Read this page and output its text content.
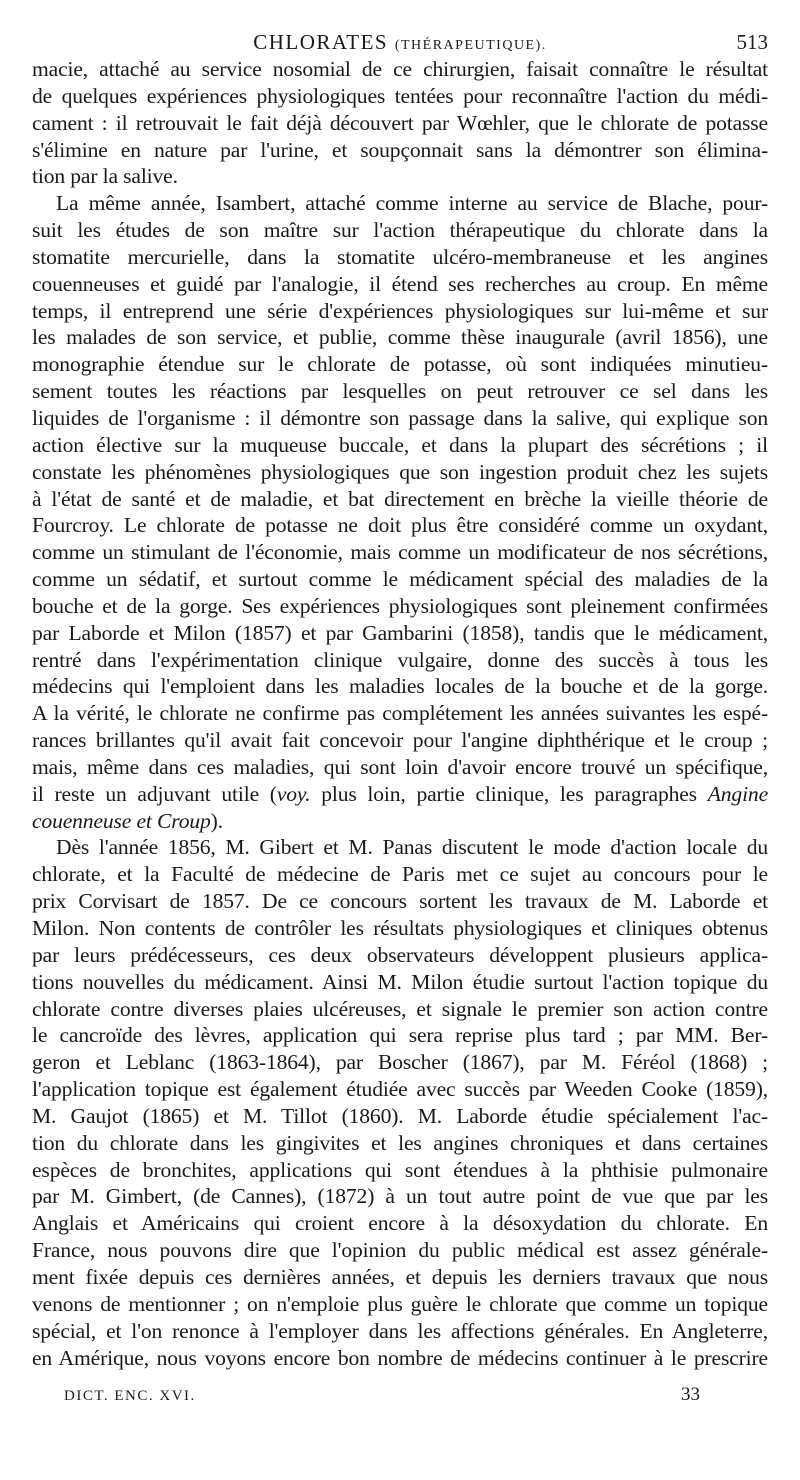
CHLORATES (THÉRAPEUTIQUE).	513

macie, attaché au service nosomial de ce chirurgien, faisait connaître le résultat

de quelques expériences physiologiques tentées pour reconnaître l'action du médi-

cament : il retrouvait le fait déjà découvert par Wœhler, que le chlorate de potasse

s'élimine en nature par l'urine, et soupçonnait sans la démontrer son élimina-

tion par la salive.

La même année, Isambert, attaché comme interne au service de Blache, pour-

suit les études de son maître sur l'action thérapeutique du chlorate dans la

stomatite mercurielle, dans la stomatite ulcéro-membraneuse et les angines

couenneuses et guidé par l'analogie, il étend ses recherches au croup. En même

temps, il entreprend une série d'expériences physiologiques sur lui-même et sur

les malades de son service, et publie, comme thèse inaugurale (avril 1856), une

monographie étendue sur le chlorate de potasse, où sont indiquées minutieu-

sement toutes les réactions par lesquelles on peut retrouver ce sel dans les

liquides de l'organisme : il démontre son passage dans la salive, qui explique son

action élective sur la muqueuse buccale, et dans la plupart des sécrétions ; il

constate les phénomènes physiologiques que son ingestion produit chez les sujets

à l'état de santé et de maladie, et bat directement en brèche la vieille théorie de

Fourcroy. Le chlorate de potasse ne doit plus être considéré comme un oxydant,

comme un stimulant de l'économie, mais comme un modificateur de nos sécrétions,

comme un sédatif, et surtout comme le médicament spécial des maladies de la

bouche et de la gorge. Ses expériences physiologiques sont pleinement confirmées

par Laborde et Milon (1857) et par Gambarini (1858), tandis que le médicament,

rentré dans l'expérimentation clinique vulgaire, donne des succès à tous les

médecins qui l'emploient dans les maladies locales de la bouche et de la gorge.

A la vérité, le chlorate ne confirme pas complétement les années suivantes les espé-

rances brillantes qu'il avait fait concevoir pour l'angine diphthérique et le croup ;

mais, même dans ces maladies, qui sont loin d'avoir encore trouvé un spécifique,

il reste un adjuvant utile (voy. plus loin, partie clinique, les paragraphes Angine

couenneuse et Croup).

Dès l'année 1856, M. Gibert et M. Panas discutent le mode d'action locale du

chlorate, et la Faculté de médecine de Paris met ce sujet au concours pour le

prix Corvisart de 1857. De ce concours sortent les travaux de M. Laborde et

Milon. Non contents de contrôler les résultats physiologiques et cliniques obtenus

par leurs prédécesseurs, ces deux observateurs développent plusieurs applica-

tions nouvelles du médicament. Ainsi M. Milon étudie surtout l'action topique du

chlorate contre diverses plaies ulcéreuses, et signale le premier son action contre

le cancroïde des lèvres, application qui sera reprise plus tard ; par MM. Ber-

geron et Leblanc (1863-1864), par Boscher (1867), par M. Féréol (1868) ;

l'application topique est également étudiée avec succès par Weeden Cooke (1859),

M. Gaujot (1865) et M. Tillot (1860). M. Laborde étudie spécialement l'ac-

tion du chlorate dans les gingivites et les angines chroniques et dans certaines

espèces de bronchites, applications qui sont étendues à la phthisie pulmonaire

par M. Gimbert, (de Cannes), (1872) à un tout autre point de vue que par les

Anglais et Américains qui croient encore à la désoxydation du chlorate. En

France, nous pouvons dire que l'opinion du public médical est assez générale-

ment fixée depuis ces dernières années, et depuis les derniers travaux que nous

venons de mentionner ; on n'emploie plus guère le chlorate que comme un topique

spécial, et l'on renonce à l'employer dans les affections générales. En Angleterre,

en Amérique, nous voyons encore bon nombre de médecins continuer à le prescrire

DICT. ENC. XVI.	33
